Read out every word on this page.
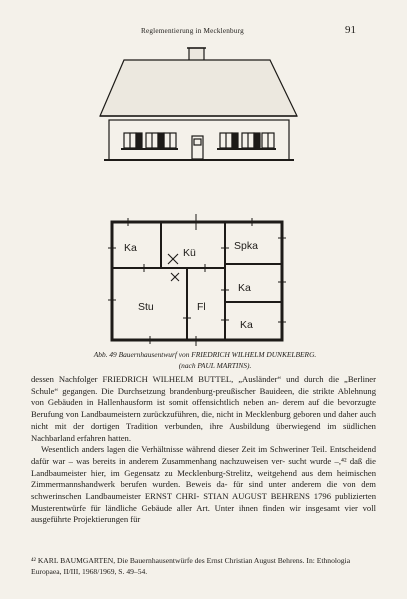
Reglementierung in Mecklenburg	91
Ka	Kü
Spka
Ka
Stu	Fl
Ka
Abb. 49 Bauernhausentwurf von FRIEDRICH WILHELM DUNKELBERG.
(nach PAUL MARTINS).

dessen Nachfolger FRIEDRICH WILHELM BUTTEL, „Ausländer“ und durch die „Berliner Schule“ gegangen. Die Durchsetzung brandenburg-preußischer Bauideen, die strikte Ablehnung von Gebäuden in Hallenhausform ist somit offensichtlich neben an- derem auf die bevorzugte Berufung von Landbaumeistern zurückzuführen, die, nicht in Mecklenburg geboren und daher auch nicht mit der dortigen Tradition verbunden, ihre Ausbildung überwiegend im südlichen Nachbarland erfahren hatten.

Wesentlich anders lagen die Verhältnisse während dieser Zeit im Schweriner Teil. Entscheidend dafür war – was bereits in anderem Zusammenhang nachzuweisen ver- sucht wurde –,⁴² daß die Landbaumeister hier, im Gegensatz zu Mecklenburg-Strelitz, weitgehend aus dem heimischen Zimmermannshandwerk berufen wurden. Beweis da- für sind unter anderem die von dem schwerinschen Landbaumeister ERNST CHRI- STIAN AUGUST BEHRENS 1796 publizierten Musterentwürfe für ländliche Gebäude aller Art. Unter ihnen finden wir insgesamt vier voll ausgeführte Projektierungen für

⁴² KARL BAUMGARTEN, Die Bauernhausentwürfe des Ernst Christian August Behrens. In: Ethnologia Europaea, II/III, 1968/1969, S. 49–54.
